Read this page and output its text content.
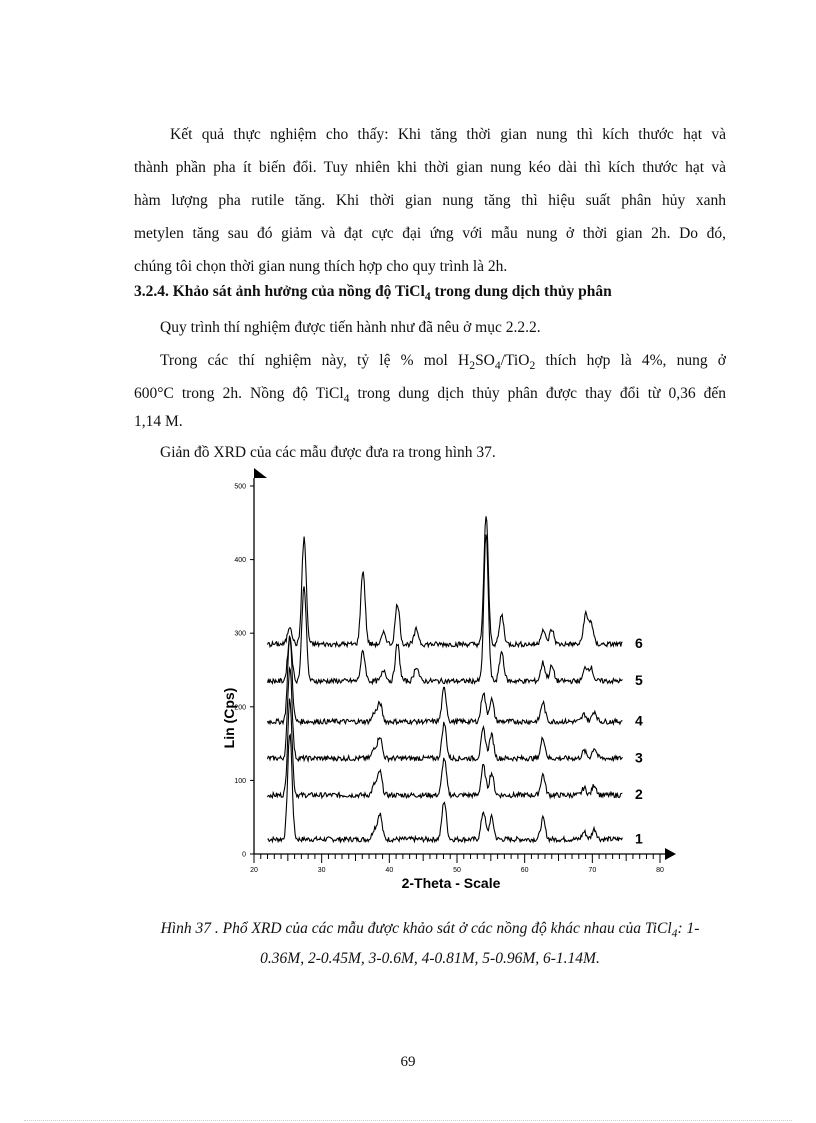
Kết quả thực nghiệm cho thấy: Khi tăng thời gian nung thì kích thước hạt và

thành phần pha ít biến đổi. Tuy nhiên khi thời gian nung kéo dài thì kích thước hạt và

hàm lượng pha rutile tăng. Khi thời gian nung tăng thì hiệu suất phân hủy xanh

metylen tăng sau đó giảm và đạt cực đại ứng với mẫu nung ở thời gian 2h. Do đó,

chúng tôi chọn thời gian nung thích hợp cho quy trình là 2h.

3.2.4. Khảo sát ảnh hưởng của nồng độ TiCl$_4$ trong dung dịch thủy phân

Quy trình thí nghiệm được tiến hành như đã nêu ở mục 2.2.2.

Trong các thí nghiệm này, tỷ lệ % mol $H_2SO_4/TiO_2$ thích hợp là 4%, nung ở

600°C trong 2h. Nồng độ TiCl$_4$ trong dung dịch thủy phân được thay đổi từ 0,36 đến

1,14 M.

Giản đồ XRD của các mẫu được đưa ra trong hình 37.

20	30	40	50	60	70	80
0
100
200
300
400
500
2-Theta - Scale
Lin (Cps)
1
2
3
4
5
6
Hình 37 . Phổ XRD của các mẫu được khảo sát ở các nồng độ khác nhau của TiCl$_4$: 1-
0.36M, 2-0.45M, 3-0.6M, 4-0.81M, 5-0.96M, 6-1.14M.
69
